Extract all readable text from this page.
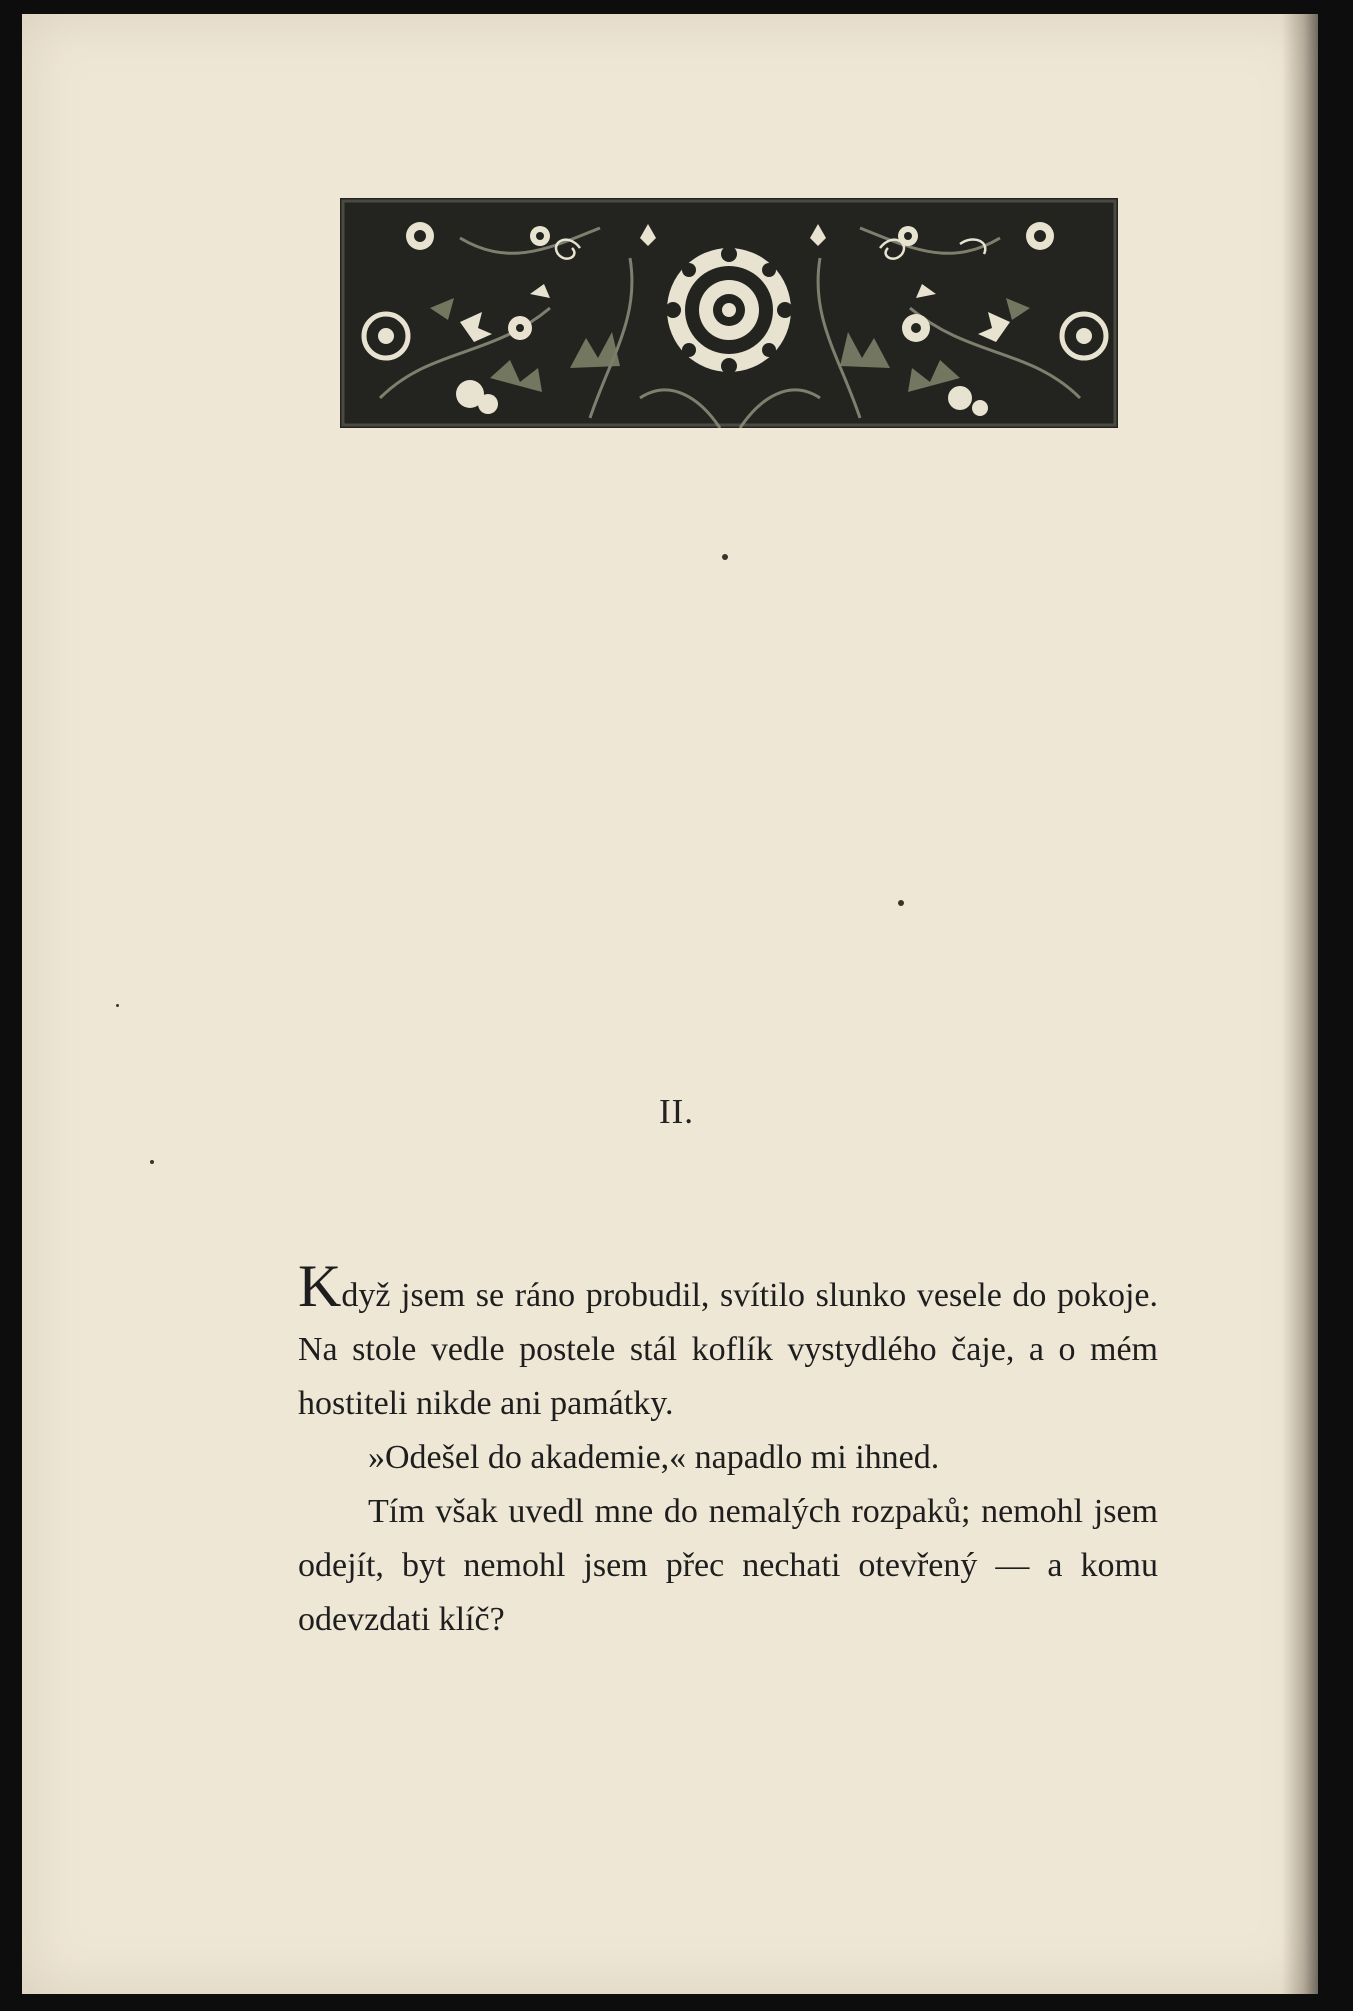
II.

Když jsem se ráno probudil, svítilo slunko vesele do pokoje. Na stole vedle postele stál koflík vystydlého čaje, a o mém hostiteli nikde ani památky.

»Odešel do akademie,« napadlo mi ihned.

Tím však uvedl mne do nemalých rozpaků; nemohl jsem odejít, byt nemohl jsem přec nechati otevřený — a komu odevzdati klíč?
